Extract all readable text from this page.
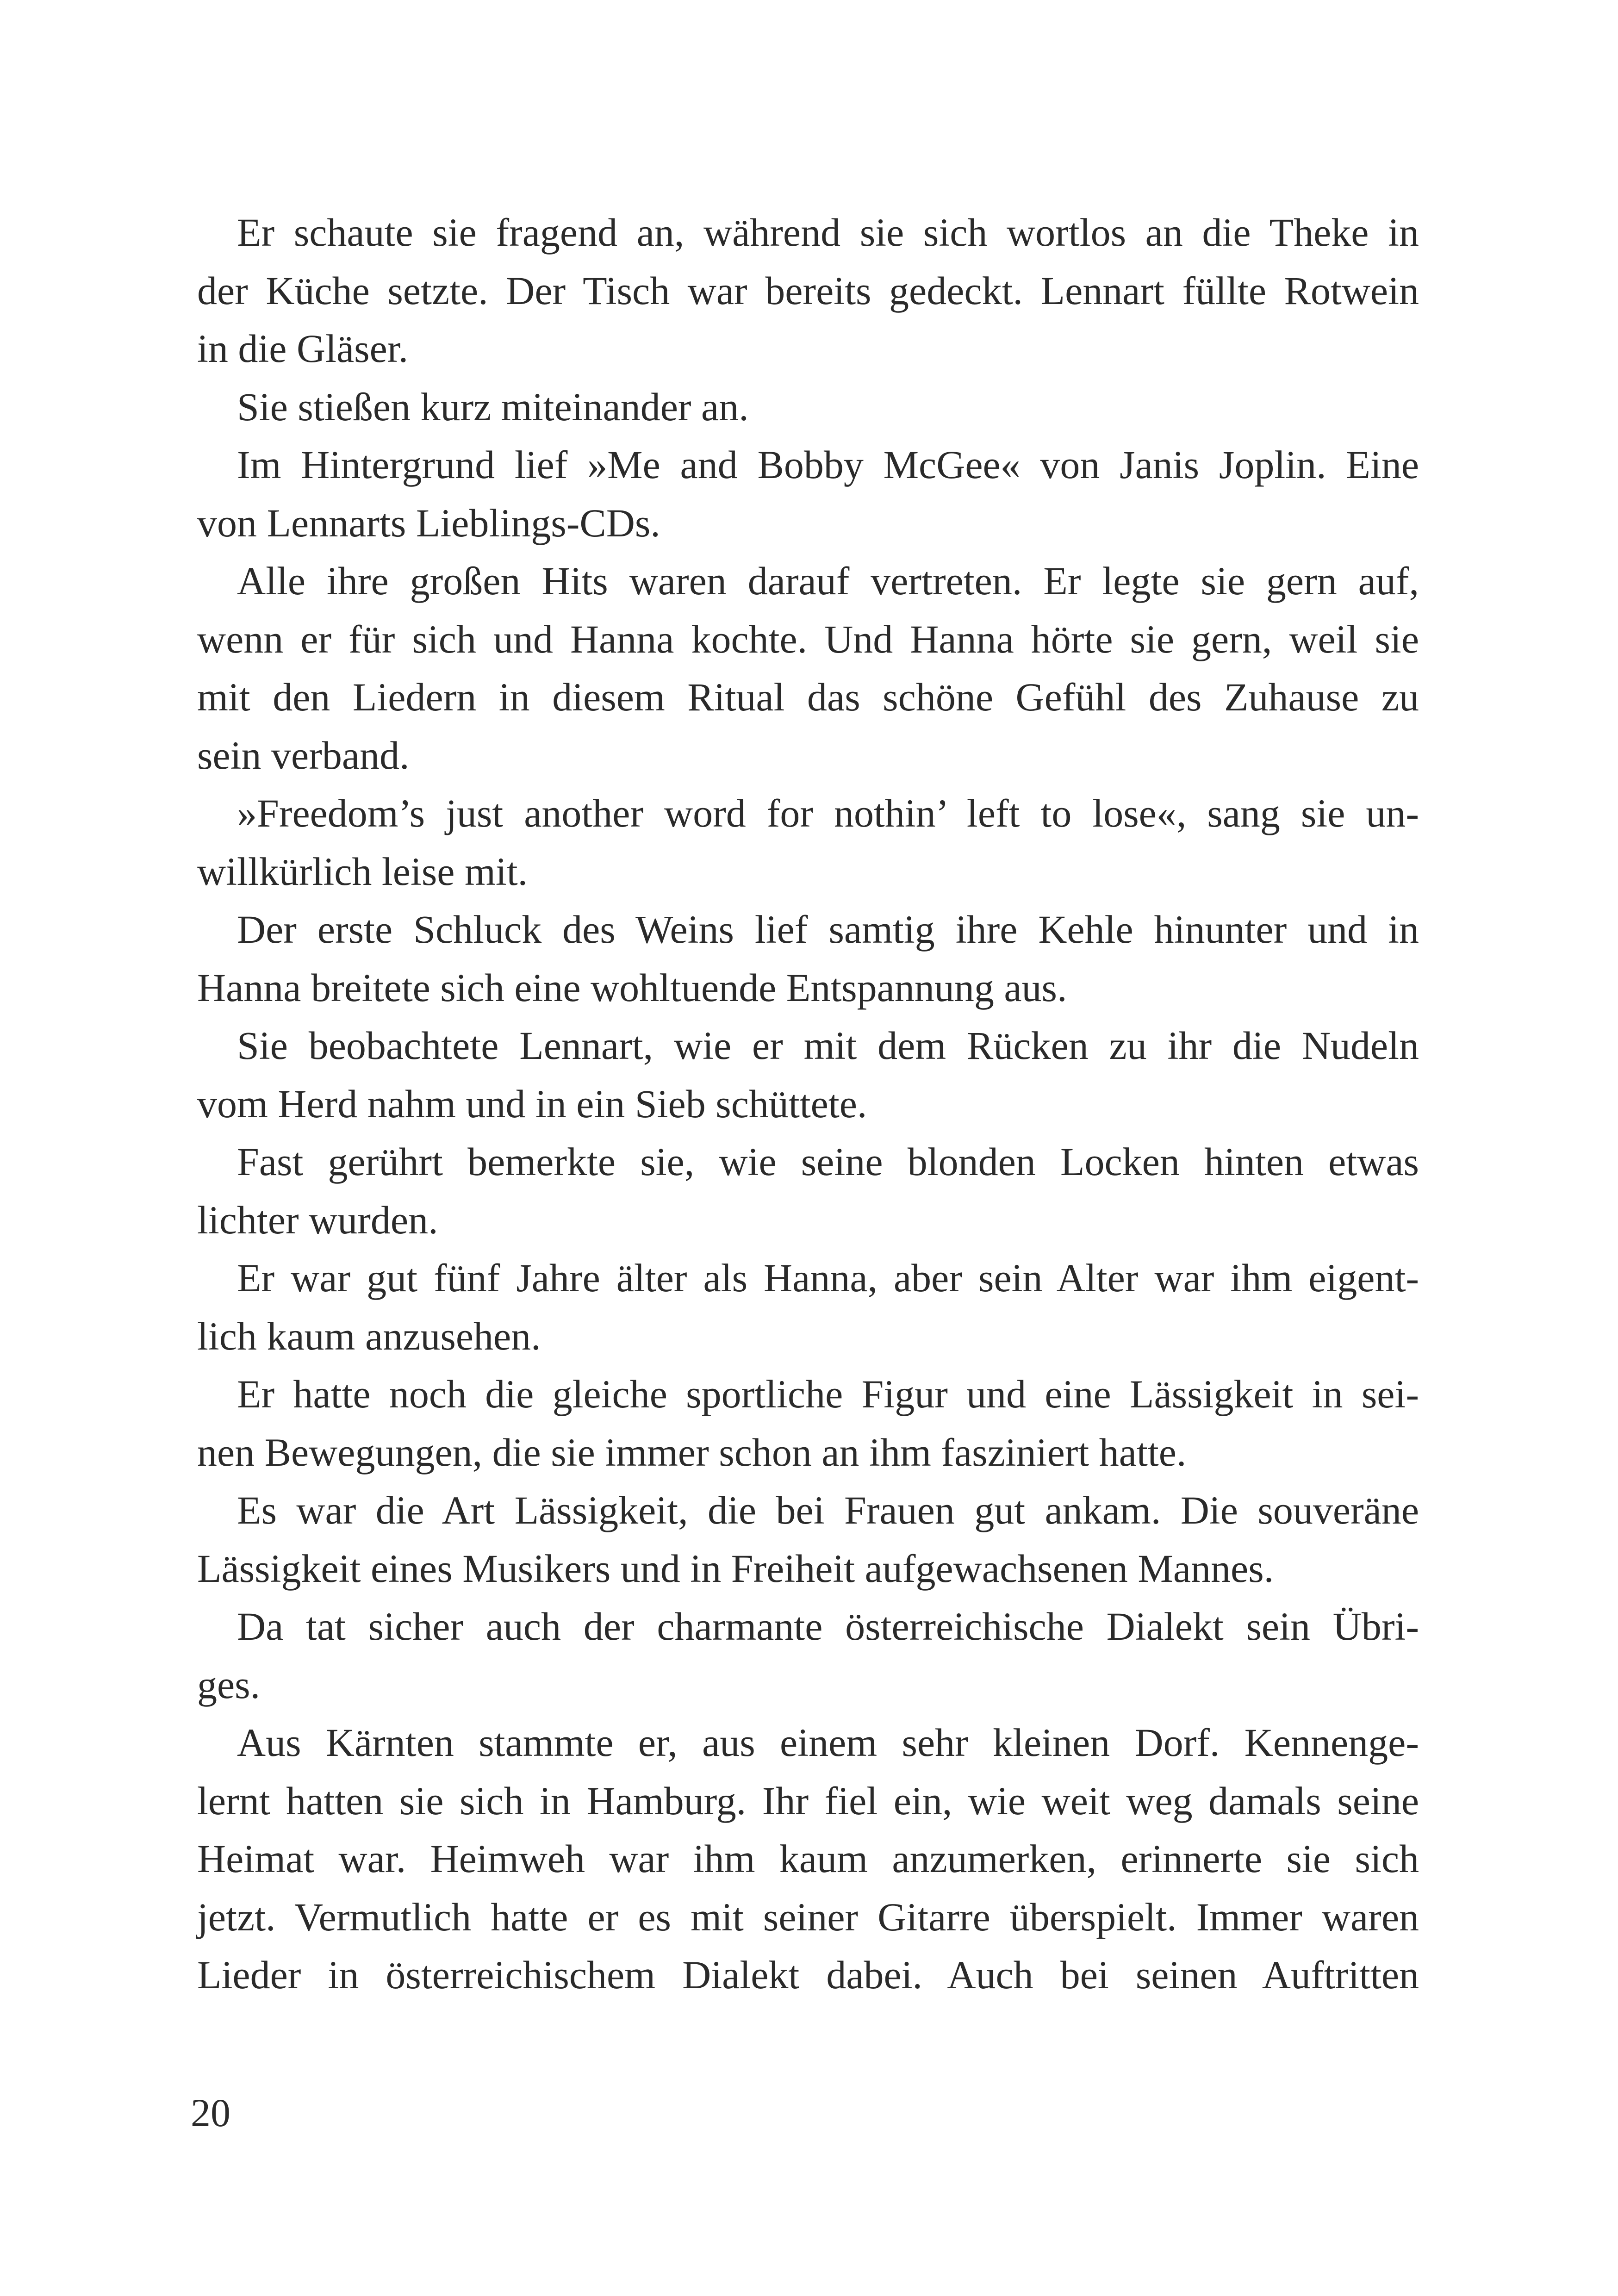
Er schaute sie fragend an, während sie sich wortlos an die Theke in
der Küche setzte. Der Tisch war bereits gedeckt. Lennart füllte Rotwein
in die Gläser.
Sie stießen kurz miteinander an.
Im Hintergrund lief »Me and Bobby McGee« von Janis Joplin. Eine
von Lennarts Lieblings-CDs.
Alle ihre großen Hits waren darauf vertreten. Er legte sie gern auf,
wenn er für sich und Hanna kochte. Und Hanna hörte sie gern, weil sie
mit den Liedern in diesem Ritual das schöne Gefühl des Zuhause zu
sein verband.
»Freedom’s just another word for nothin’ left to lose«, sang sie un-
willkürlich leise mit.
Der erste Schluck des Weins lief samtig ihre Kehle hinunter und in
Hanna breitete sich eine wohltuende Entspannung aus.
Sie beobachtete Lennart, wie er mit dem Rücken zu ihr die Nudeln
vom Herd nahm und in ein Sieb schüttete.
Fast gerührt bemerkte sie, wie seine blonden Locken hinten etwas
lichter wurden.
Er war gut fünf Jahre älter als Hanna, aber sein Alter war ihm eigent-
lich kaum anzusehen.
Er hatte noch die gleiche sportliche Figur und eine Lässigkeit in sei-
nen Bewegungen, die sie immer schon an ihm fasziniert hatte.
Es war die Art Lässigkeit, die bei Frauen gut ankam. Die souveräne
Lässigkeit eines Musikers und in Freiheit aufgewachsenen Mannes.
Da tat sicher auch der charmante österreichische Dialekt sein Übri-
ges.
Aus Kärnten stammte er, aus einem sehr kleinen Dorf. Kennenge-
lernt hatten sie sich in Hamburg. Ihr fiel ein, wie weit weg damals seine
Heimat war. Heimweh war ihm kaum anzumerken, erinnerte sie sich
jetzt. Vermutlich hatte er es mit seiner Gitarre überspielt. Immer waren
Lieder in österreichischem Dialekt dabei. Auch bei seinen Auftritten
20
